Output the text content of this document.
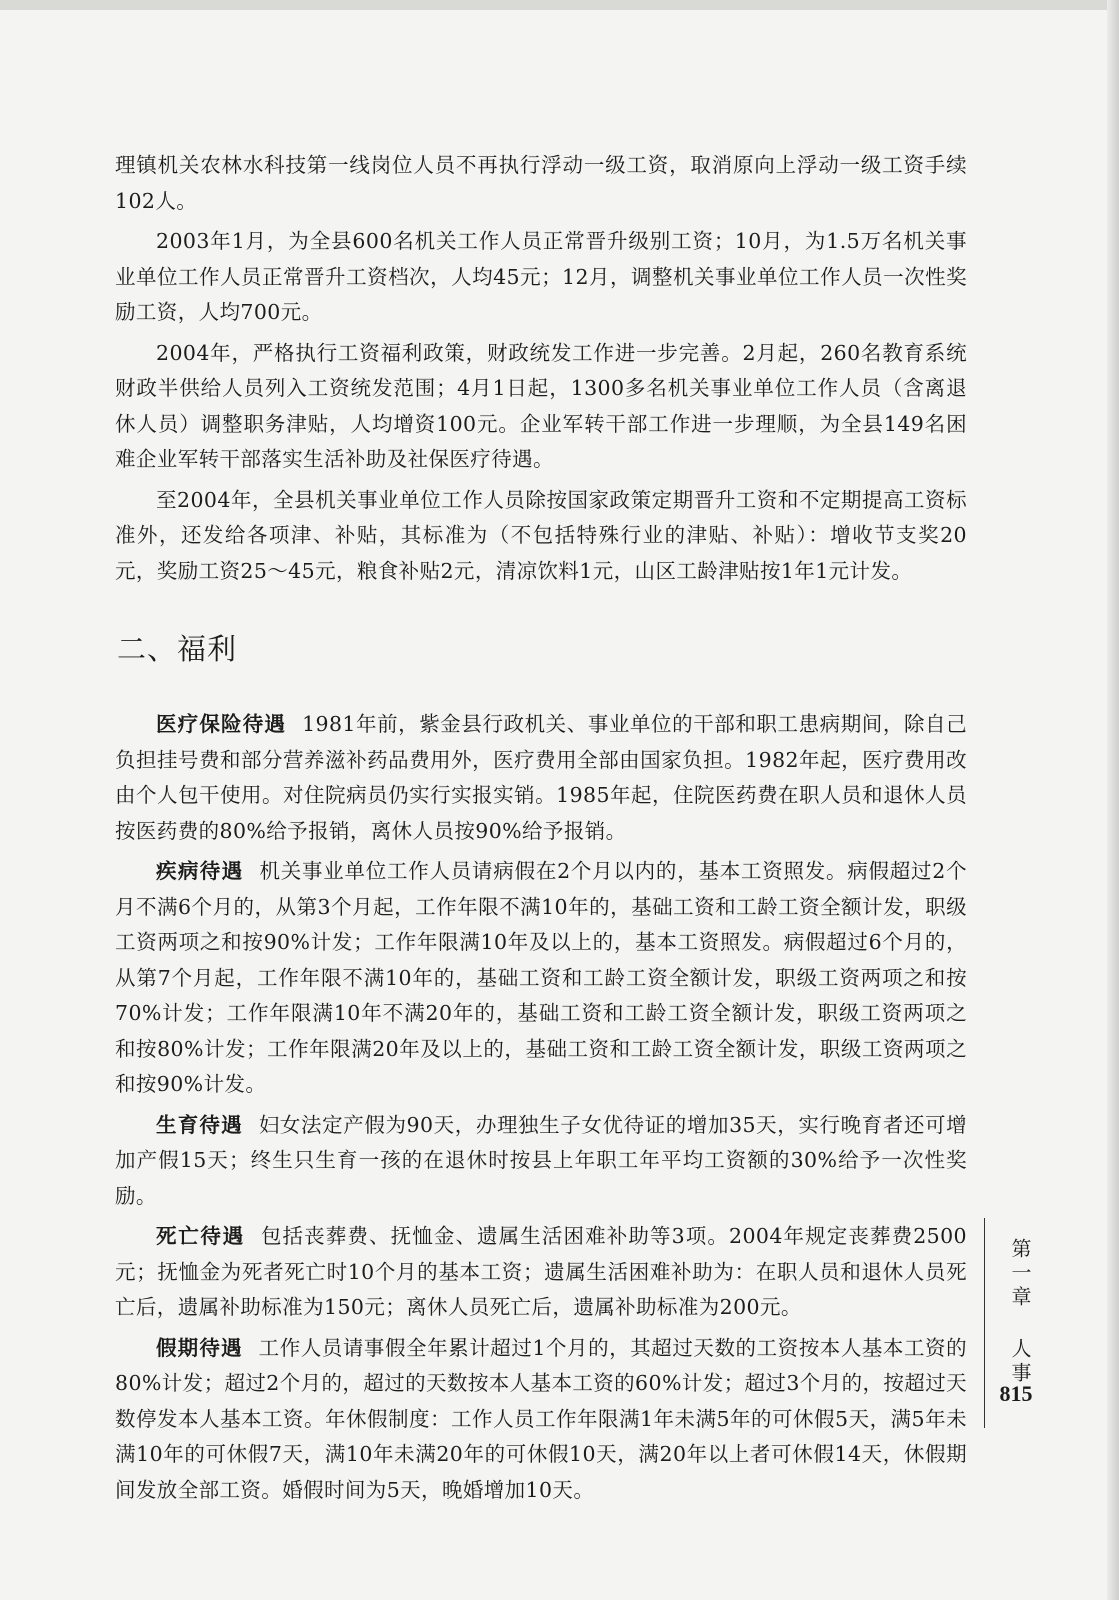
理镇机关农林水科技第一线岗位人员不再执行浮动一级工资，取消原向上浮动一级工资手续102人。

2003年1月，为全县600名机关工作人员正常晋升级别工资；10月，为1.5万名机关事业单位工作人员正常晋升工资档次，人均45元；12月，调整机关事业单位工作人员一次性奖励工资，人均700元。

2004年，严格执行工资福利政策，财政统发工作进一步完善。2月起，260名教育系统财政半供给人员列入工资统发范围；4月1日起，1300多名机关事业单位工作人员（含离退休人员）调整职务津贴，人均增资100元。企业军转干部工作进一步理顺，为全县149名困难企业军转干部落实生活补助及社保医疗待遇。

至2004年，全县机关事业单位工作人员除按国家政策定期晋升工资和不定期提高工资标准外，还发给各项津、补贴，其标准为（不包括特殊行业的津贴、补贴）：增收节支奖20元，奖励工资25～45元，粮食补贴2元，清凉饮料1元，山区工龄津贴按1年1元计发。

二、福利

医疗保险待遇 1981年前，紫金县行政机关、事业单位的干部和职工患病期间，除自己负担挂号费和部分营养滋补药品费用外，医疗费用全部由国家负担。1982年起，医疗费用改由个人包干使用。对住院病员仍实行实报实销。1985年起，住院医药费在职人员和退休人员按医药费的80%给予报销，离休人员按90%给予报销。

疾病待遇 机关事业单位工作人员请病假在2个月以内的，基本工资照发。病假超过2个月不满6个月的，从第3个月起，工作年限不满10年的，基础工资和工龄工资全额计发，职级工资两项之和按90%计发；工作年限满10年及以上的，基本工资照发。病假超过6个月的，从第7个月起，工作年限不满10年的，基础工资和工龄工资全额计发，职级工资两项之和按70%计发；工作年限满10年不满20年的，基础工资和工龄工资全额计发，职级工资两项之和按80%计发；工作年限满20年及以上的，基础工资和工龄工资全额计发，职级工资两项之和按90%计发。

生育待遇 妇女法定产假为90天，办理独生子女优待证的增加35天，实行晚育者还可增加产假15天；终生只生育一孩的在退休时按县上年职工年平均工资额的30%给予一次性奖励。

死亡待遇 包括丧葬费、抚恤金、遗属生活困难补助等3项。2004年规定丧葬费2500元；抚恤金为死者死亡时10个月的基本工资；遗属生活困难补助为：在职人员和退休人员死亡后，遗属补助标准为150元；离休人员死亡后，遗属补助标准为200元。

假期待遇 工作人员请事假全年累计超过1个月的，其超过天数的工资按本人基本工资的80%计发；超过2个月的，超过的天数按本人基本工资的60%计发；超过3个月的，按超过天数停发本人基本工资。年休假制度：工作人员工作年限满1年未满5年的可休假5天，满5年未满10年的可休假7天，满10年未满20年的可休假10天，满20年以上者可休假14天，休假期间发放全部工资。婚假时间为5天，晚婚增加10天。

第一章 人事
815
